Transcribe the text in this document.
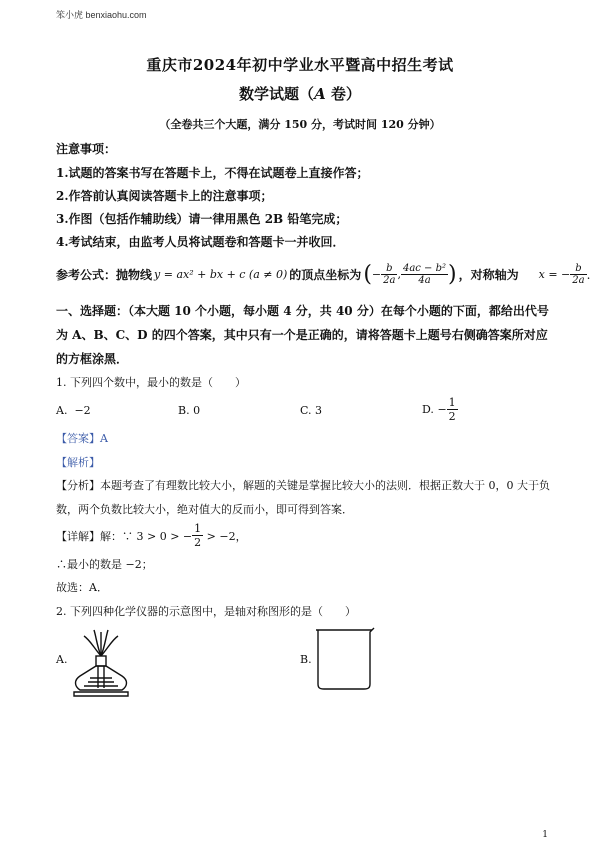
笨小虎 benxiaohu.com
重庆市2024年初中学业水平暨高中招生考试
数学试题（A 卷）
（全卷共三个大题，满分 150 分，考试时间 120 分钟）
注意事项：
1.试题的答案书写在答题卡上，不得在试题卷上直接作答；
2.作答前认真阅读答题卡上的注意事项；
3.作图（包括作辅助线）请一律用黑色 2B 铅笔完成；
4.考试结束，由监考人员将试题卷和答题卡一并收回．
参考公式：抛物线 y = ax² + bx + c (a ≠ 0) 的顶点坐标为 ( − $\frac{b}{2a}$ , $\frac{\text{4ac − b²}}{4a}$ ) ，对称轴为 x = − $\frac{b}{2a}$ .
一、选择题：（本大题 10 个小题，每小题 4 分，共 40 分）在每个小题的下面，都给出代号
为 A、B、C、D 的四个答案，其中只有一个是正确的，请将答题卡上题号右侧确答案所对应
的方框涂黑．
1. 下列四个数中，最小的数是（　　）
A. −2	B. 0	C. 3	D.
− $\frac{1}{2}$
【答案】A
【解析】
【分析】本题考查了有理数比较大小，解题的关键是掌握比较大小的法则．根据正数大于 0，0 大于负
数，两个负数比较大小，绝对值大的反而小，即可得到答案．
【详解】解：∵ 3 > 0 > − $\frac{1}{2} > -2$，
∴最小的数是 −2；
故选：A．
2. 下列四种化学仪器的示意图中，是轴对称图形的是（　　）
A.	B.
1
